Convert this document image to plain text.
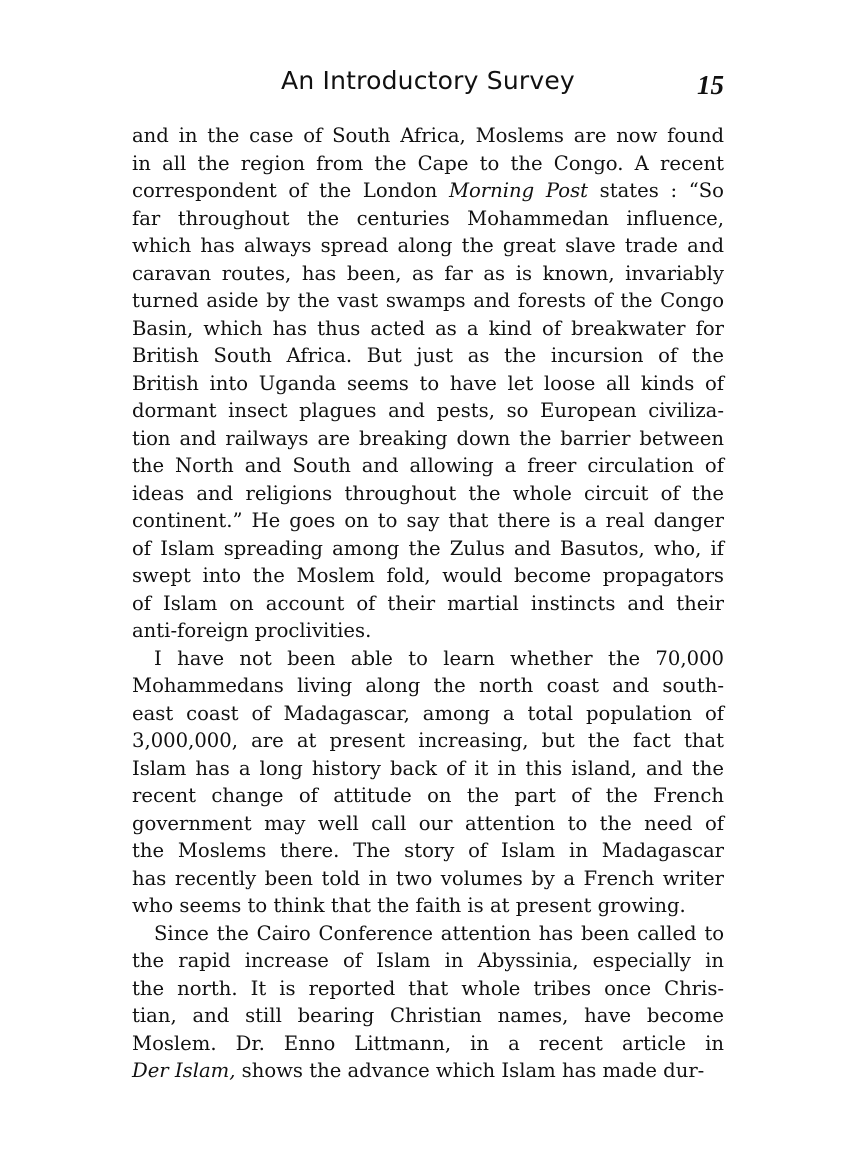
An Introductory Survey	15
and in the case of South Africa, Moslems are now found
in all the region from the Cape to the Congo. A recent
correspondent of the London Morning Post states : “So
far throughout the centuries Mohammedan influence,
which has always spread along the great slave trade and
caravan routes, has been, as far as is known, invariably
turned aside by the vast swamps and forests of the Congo
Basin, which has thus acted as a kind of breakwater for
British South Africa. But just as the incursion of the
British into Uganda seems to have let loose all kinds of
dormant insect plagues and pests, so European civiliza-
tion and railways are breaking down the barrier between
the North and South and allowing a freer circulation of
ideas and religions throughout the whole circuit of the
continent.” He goes on to say that there is a real danger
of Islam spreading among the Zulus and Basutos, who, if
swept into the Moslem fold, would become propagators
of Islam on account of their martial instincts and their
anti-foreign proclivities.
I have not been able to learn whether the 70,000
Mohammedans living along the north coast and south-
east coast of Madagascar, among a total population of
3,000,000, are at present increasing, but the fact that
Islam has a long history back of it in this island, and the
recent change of attitude on the part of the French
government may well call our attention to the need of
the Moslems there. The story of Islam in Madagascar
has recently been told in two volumes by a French writer
who seems to think that the faith is at present growing.
Since the Cairo Conference attention has been called to
the rapid increase of Islam in Abyssinia, especially in
the north. It is reported that whole tribes once Chris-
tian, and still bearing Christian names, have become
Moslem. Dr. Enno Littmann, in a recent article in
Der Islam, shows the advance which Islam has made dur-
